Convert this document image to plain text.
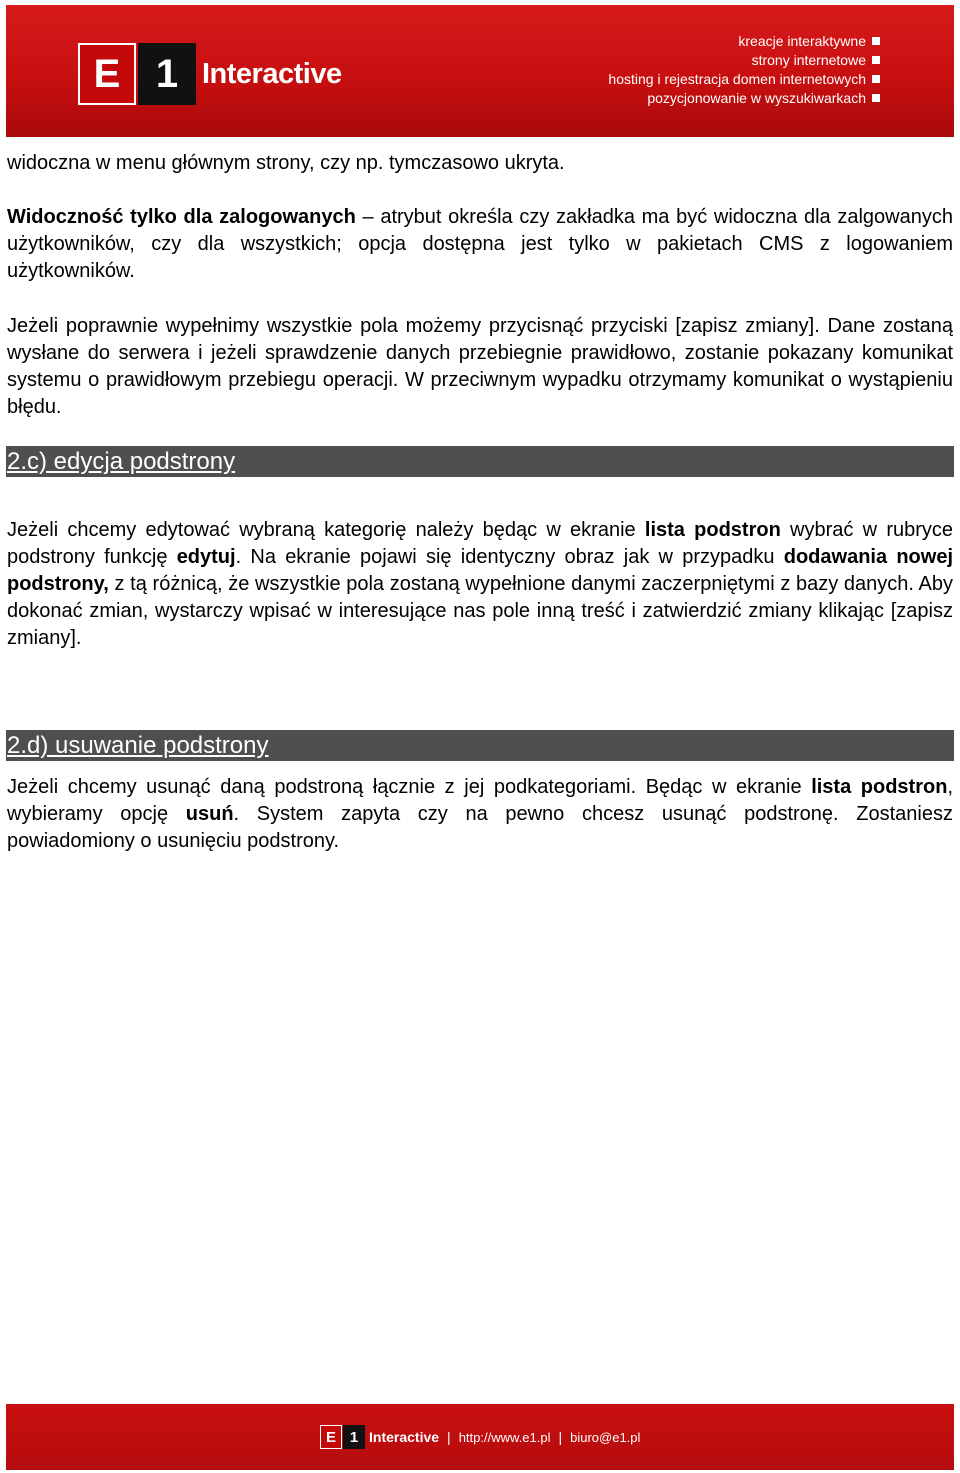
E 1 Interactive
kreacje interaktywne
strony internetowe
hosting i rejestracja domen internetowych
pozycjonowanie w wyszukiwarkach
widoczna w menu głównym strony, czy np. tymczasowo ukryta.
Widoczność tylko dla zalogowanych – atrybut określa czy zakładka ma być widoczna dla zalgowanych użytkowników, czy dla wszystkich; opcja dostępna jest tylko w pakietach CMS z logowaniem użytkowników.
Jeżeli poprawnie wypełnimy wszystkie pola możemy przycisnąć przyciski [zapisz zmiany]. Dane zostaną wysłane do serwera i jeżeli sprawdzenie danych przebiegnie prawidłowo, zostanie pokazany komunikat systemu o prawidłowym przebiegu operacji. W przeciwnym wypadku otrzymamy komunikat o wystąpieniu błędu.
2.c) edycja podstrony
Jeżeli chcemy edytować wybraną kategorię należy będąc w ekranie lista podstron wybrać w rubryce podstrony funkcję edytuj. Na ekranie pojawi się identyczny obraz jak w przypadku dodawania nowej podstrony, z tą różnicą, że wszystkie pola zostaną wypełnione danymi zaczerpniętymi z bazy danych. Aby dokonać zmian, wystarczy wpisać w interesujące nas pole inną treść i zatwierdzić zmiany klikając [zapisz zmiany].
2.d) usuwanie podstrony
Jeżeli chcemy usunąć daną podstroną łącznie z jej podkategoriami. Będąc w ekranie lista podstron, wybieramy opcję usuń. System zapyta czy na pewno chcesz usunąć podstronę. Zostaniesz powiadomiony o usunięciu podstrony.
E 1 Interactive | http://www.e1.pl | biuro@e1.pl
